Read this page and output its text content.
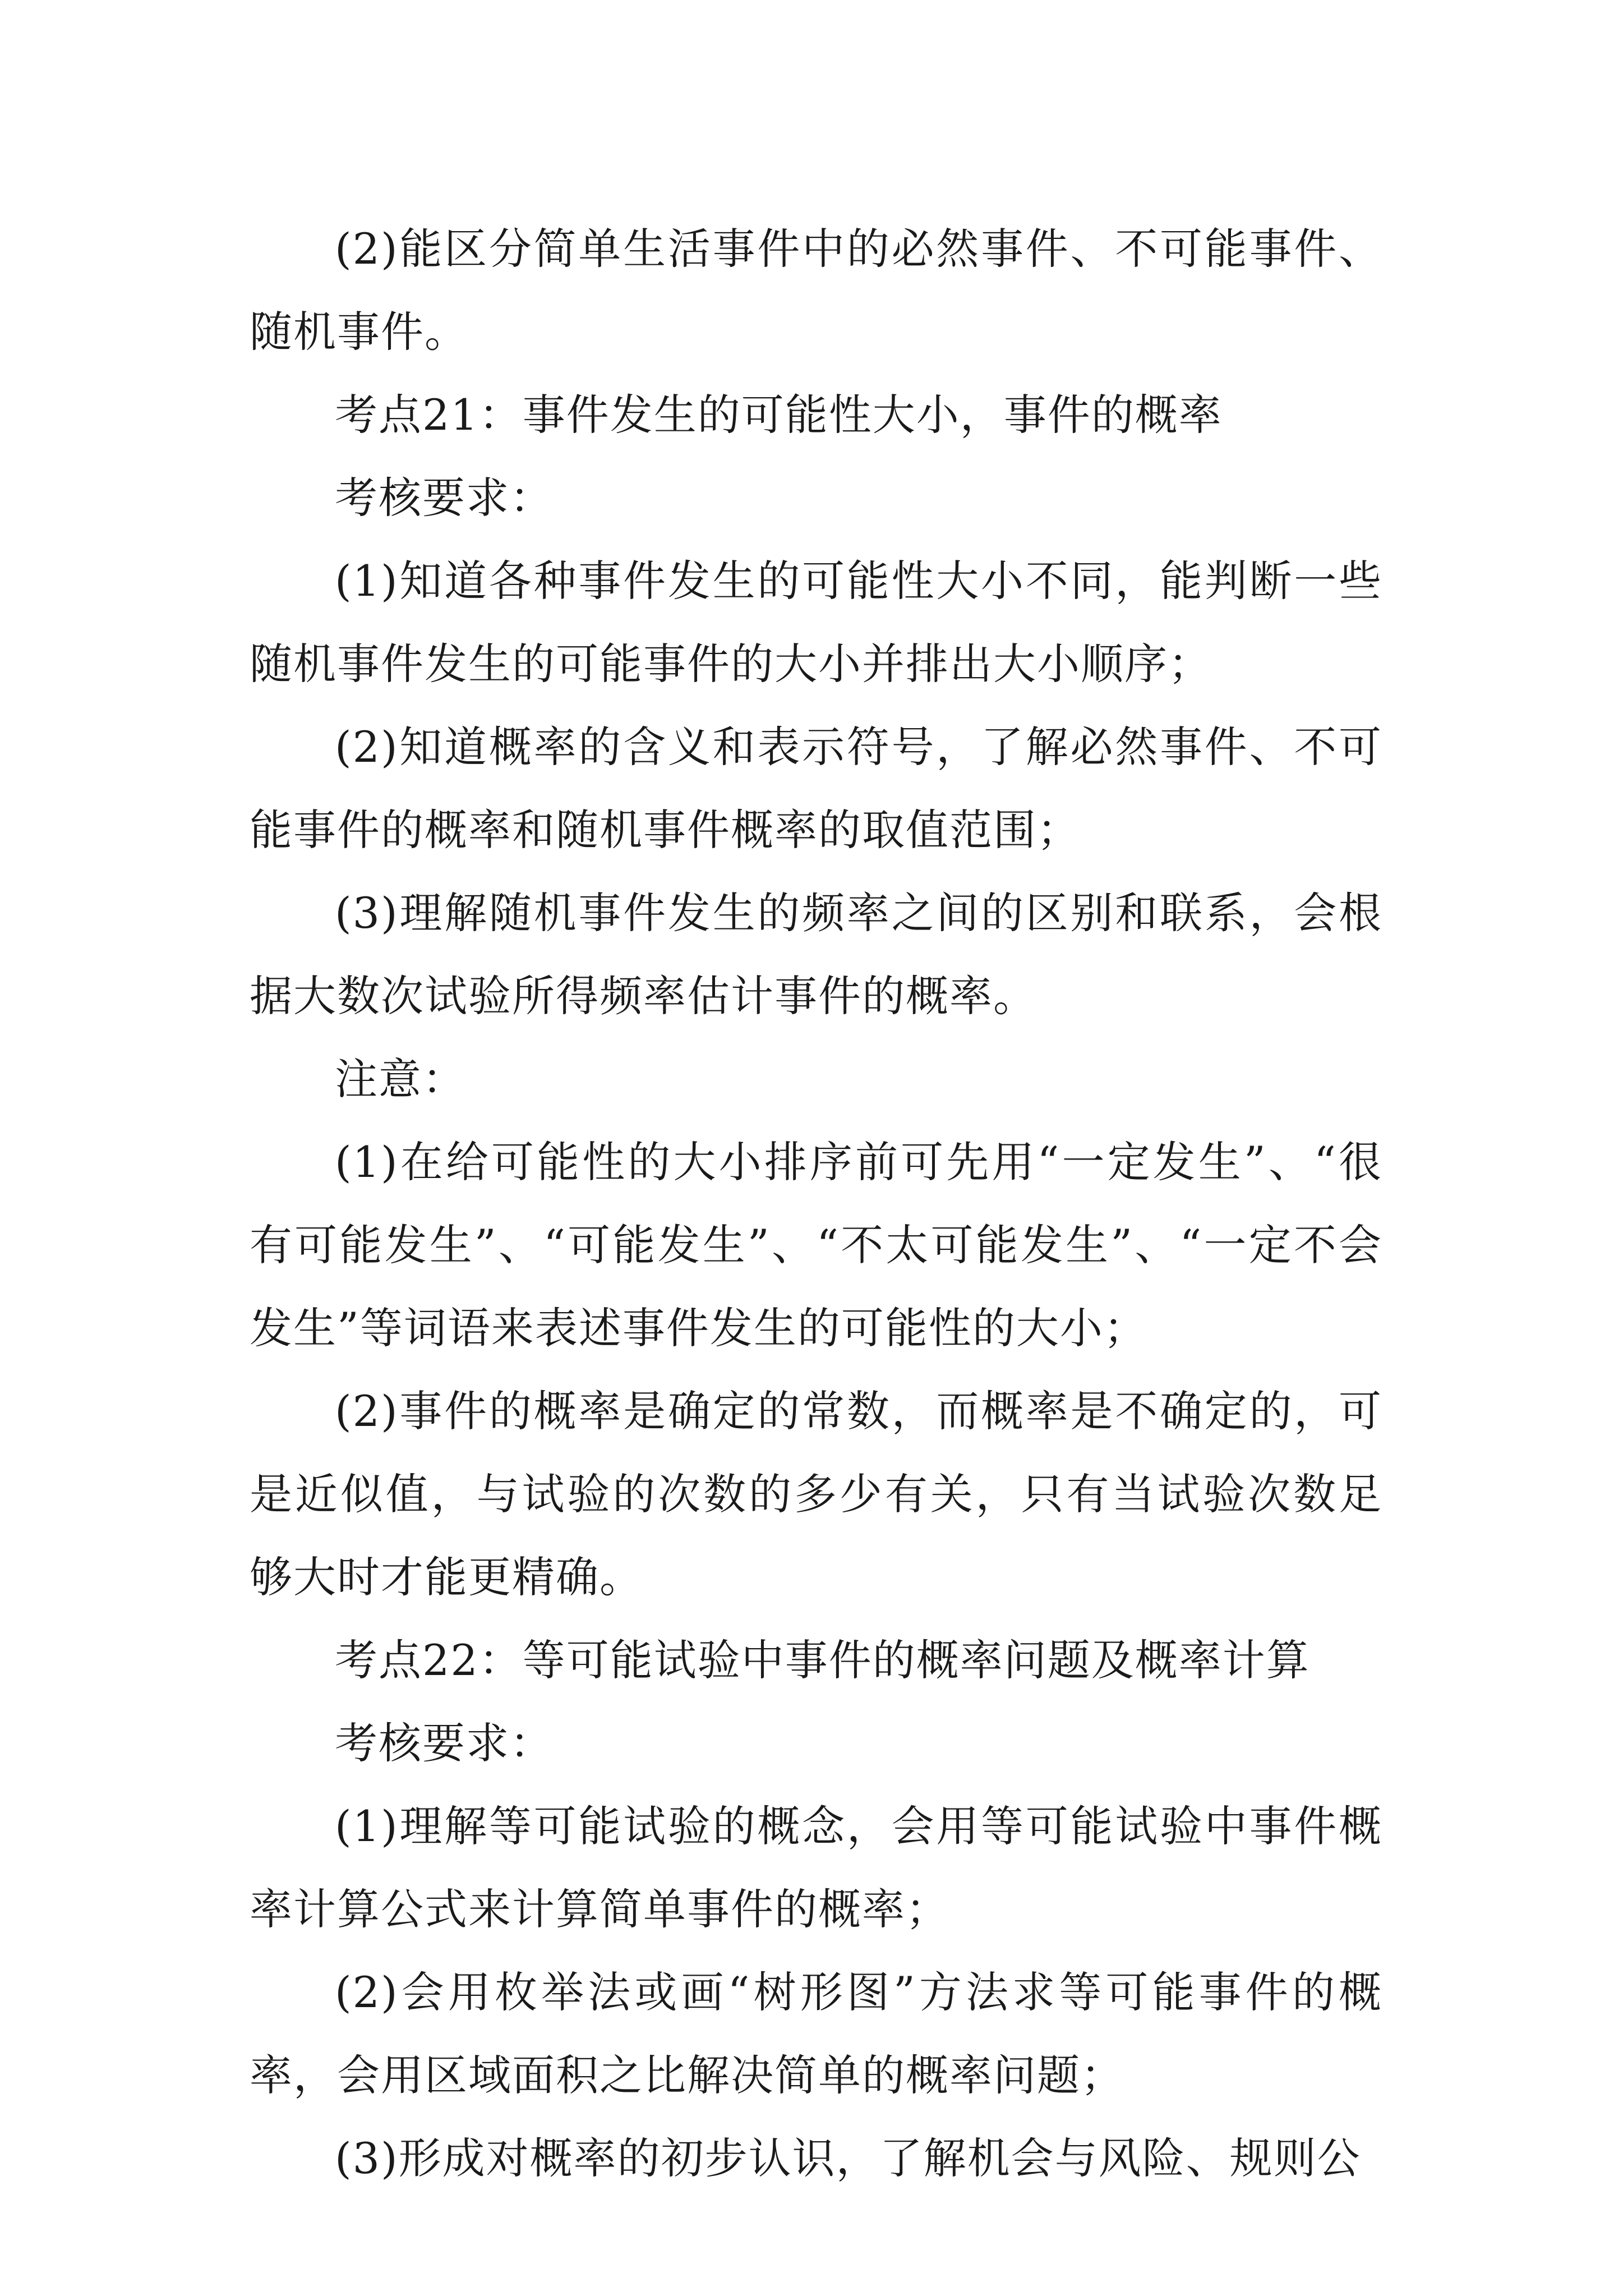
(2)能区分简单生活事件中的必然事件、不可能事件、随机事件。

考点21：事件发生的可能性大小，事件的概率

考核要求：

(1)知道各种事件发生的可能性大小不同，能判断一些随机事件发生的可能事件的大小并排出大小顺序；

(2)知道概率的含义和表示符号，了解必然事件、不可能事件的概率和随机事件概率的取值范围；

(3)理解随机事件发生的频率之间的区别和联系，会根据大数次试验所得频率估计事件的概率。

注意：

(1)在给可能性的大小排序前可先用“一定发生”、“很有可能发生”、“可能发生”、“不太可能发生”、“一定不会发生”等词语来表述事件发生的可能性的大小；

(2)事件的概率是确定的常数，而概率是不确定的，可是近似值，与试验的次数的多少有关，只有当试验次数足够大时才能更精确。

考点22：等可能试验中事件的概率问题及概率计算

考核要求：

(1)理解等可能试验的概念，会用等可能试验中事件概率计算公式来计算简单事件的概率；

(2)会用枚举法或画“树形图”方法求等可能事件的概率，会用区域面积之比解决简单的概率问题；

(3)形成对概率的初步认识，了解机会与风险、规则公
